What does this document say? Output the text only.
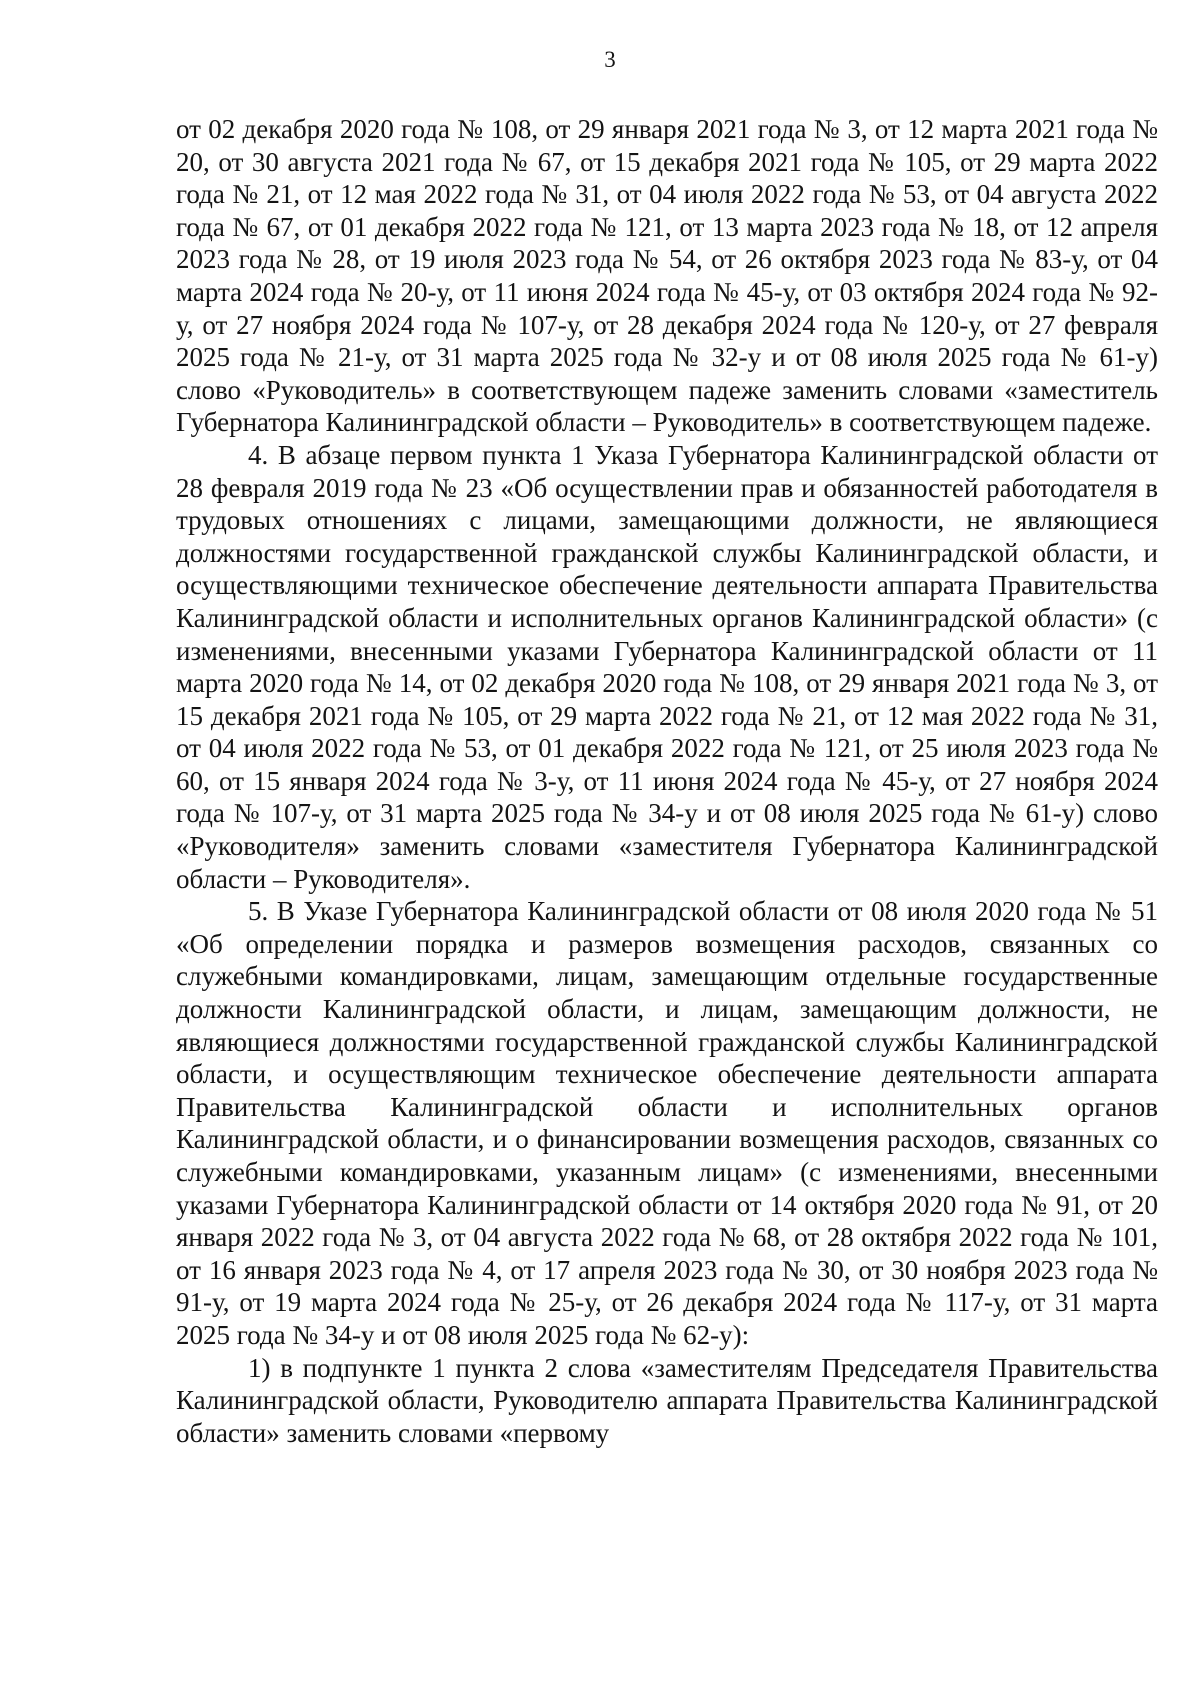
3

от 02 декабря 2020 года № 108, от 29 января 2021 года № 3, от 12 марта 2021 года № 20, от 30 августа 2021 года № 67, от 15 декабря 2021 года № 105, от 29 марта 2022 года № 21, от 12 мая 2022 года № 31, от 04 июля 2022 года № 53, от 04 августа 2022 года № 67, от 01 декабря 2022 года № 121, от 13 марта 2023 года № 18, от 12 апреля 2023 года № 28, от 19 июля 2023 года № 54, от 26 октября 2023 года № 83-у, от 04 марта 2024 года № 20-у, от 11 июня 2024 года № 45-у, от 03 октября 2024 года № 92-у, от 27 ноября 2024 года № 107-у, от 28 декабря 2024 года № 120-у, от 27 февраля 2025 года № 21-у, от 31 марта 2025 года № 32-у и от 08 июля 2025 года № 61-у) слово «Руководитель» в соответствующем падеже заменить словами «заместитель Губернатора Калининградской области – Руководитель» в соответствующем падеже.

4. В абзаце первом пункта 1 Указа Губернатора Калининградской области от 28 февраля 2019 года № 23 «Об осуществлении прав и обязанностей работодателя в трудовых отношениях с лицами, замещающими должности, не являющиеся должностями государственной гражданской службы Калининградской области, и осуществляющими техническое обеспечение деятельности аппарата Правительства Калининградской области и исполнительных органов Калининградской области» (с изменениями, внесенными указами Губернатора Калининградской области от 11 марта 2020 года № 14, от 02 декабря 2020 года № 108, от 29 января 2021 года № 3, от 15 декабря 2021 года № 105, от 29 марта 2022 года № 21, от 12 мая 2022 года № 31, от 04 июля 2022 года № 53, от 01 декабря 2022 года № 121, от 25 июля 2023 года № 60, от 15 января 2024 года № 3-у, от 11 июня 2024 года № 45-у, от 27 ноября 2024 года № 107-у, от 31 марта 2025 года № 34-у и от 08 июля 2025 года № 61-у) слово «Руководителя» заменить словами «заместителя Губернатора Калининградской области – Руководителя».

5. В Указе Губернатора Калининградской области от 08 июля 2020 года № 51 «Об определении порядка и размеров возмещения расходов, связанных со служебными командировками, лицам, замещающим отдельные государственные должности Калининградской области, и лицам, замещающим должности, не являющиеся должностями государственной гражданской службы Калининградской области, и осуществляющим техническое обеспечение деятельности аппарата Правительства Калининградской области и исполнительных органов Калининградской области, и о финансировании возмещения расходов, связанных со служебными командировками, указанным лицам» (с изменениями, внесенными указами Губернатора Калининградской области от 14 октября 2020 года № 91, от 20 января 2022 года № 3, от 04 августа 2022 года № 68, от 28 октября 2022 года № 101, от 16 января 2023 года № 4, от 17 апреля 2023 года № 30, от 30 ноября 2023 года № 91-у, от 19 марта 2024 года № 25-у, от 26 декабря 2024 года № 117-у, от 31 марта 2025 года № 34-у и от 08 июля 2025 года № 62-у):

1) в подпункте 1 пункта 2 слова «заместителям Председателя Правительства Калининградской области, Руководителю аппарата Правительства Калининградской области» заменить словами «первому
